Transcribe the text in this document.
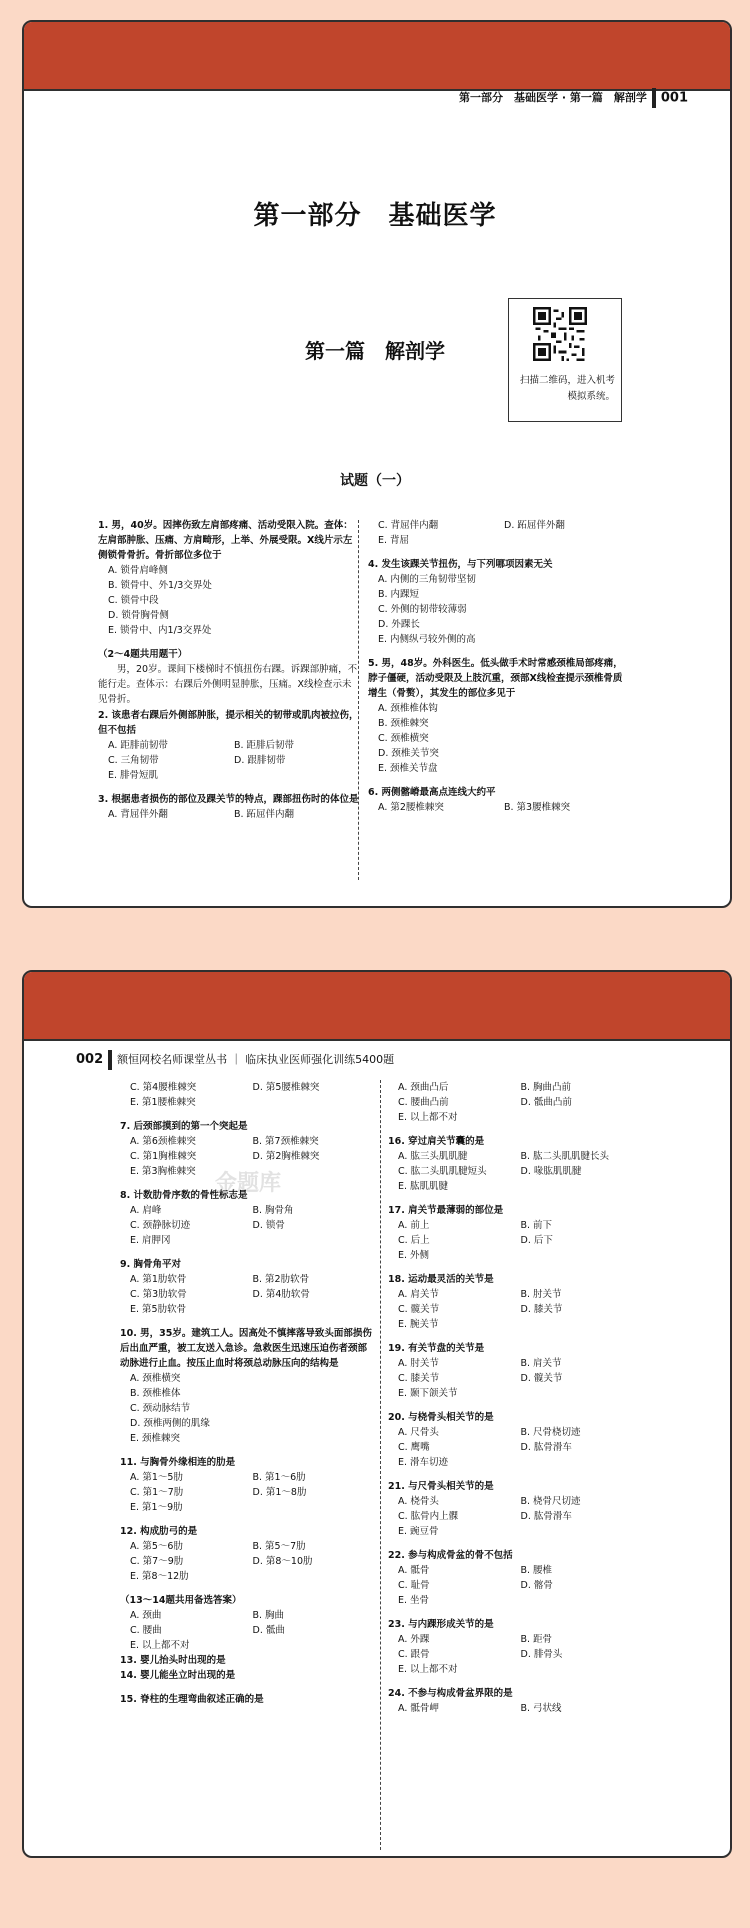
第一部分　基础医学 · 第一篇　解剖学 001
第一部分　基础医学
第一篇　解剖学
扫描二维码，进入机考模拟系统。
试题（一）
1. 男，40岁。因摔伤致左肩部疼痛、活动受限入院。查体：左肩部肿胀、压痛、方肩畸形，上举、外展受限。X线片示左侧锁骨骨折。骨折部位多位于
A. 锁骨肩峰侧
B. 锁骨中、外1/3交界处
C. 锁骨中段
D. 锁骨胸骨侧
E. 锁骨中、内1/3交界处
（2～4题共用题干）
男，20岁。课间下楼梯时不慎扭伤右踝。诉踝部肿痛，不能行走。查体示：右踝后外侧明显肿胀，压痛。X线检查示未见骨折。
2. 该患者右踝后外侧部肿胀，提示相关的韧带或肌肉被拉伤，但不包括
A. 距腓前韧带	B. 距腓后韧带
C. 三角韧带	D. 跟腓韧带
E. 腓骨短肌
3. 根据患者损伤的部位及踝关节的特点，踝部扭伤时的体位是
A. 背屈伴外翻	B. 跖屈伴内翻
C. 背屈伴内翻	D. 跖屈伴外翻
E. 背屈
4. 发生该踝关节扭伤，与下列哪项因素无关
A. 内侧的三角韧带坚韧
B. 内踝短
C. 外侧的韧带较薄弱
D. 外踝长
E. 内侧纵弓较外侧的高
5. 男，48岁。外科医生。低头做手术时常感颈椎局部疼痛，脖子僵硬，活动受限及上肢沉重，颈部X线检查提示颈椎骨质增生（骨赘），其发生的部位多见于
A. 颈椎椎体钩
B. 颈椎棘突
C. 颈椎横突
D. 颈椎关节突
E. 颈椎关节盘
6. 两侧髂嵴最高点连线大约平
A. 第2腰椎棘突	B. 第3腰椎棘突
002 额恒网校名师课堂丛书 ｜ 临床执业医师强化训练5400题
金题库
C. 第4腰椎棘突	D. 第5腰椎棘突
E. 第1腰椎棘突
7. 后颈部摸到的第一个突起是
A. 第6颈椎棘突	B. 第7颈椎棘突
C. 第1胸椎棘突	D. 第2胸椎棘突
E. 第3胸椎棘突
8. 计数肋骨序数的骨性标志是
A. 肩峰	B. 胸骨角
C. 颈静脉切迹	D. 锁骨
E. 肩胛冈
9. 胸骨角平对
A. 第1肋软骨	B. 第2肋软骨
C. 第3肋软骨	D. 第4肋软骨
E. 第5肋软骨
10. 男，35岁。建筑工人。因高处不慎摔落导致头面部损伤后出血严重，被工友送入急诊。急救医生迅速压迫伤者颈部动脉进行止血。按压止血时将颈总动脉压向的结构是
A. 颈椎横突
B. 颈椎椎体
C. 颈动脉结节
D. 颈椎两侧的肌缘
E. 颈椎棘突
11. 与胸骨外缘相连的肋是
A. 第1～5肋	B. 第1～6肋
C. 第1～7肋	D. 第1～8肋
E. 第1～9肋
12. 构成肋弓的是
A. 第5～6肋	B. 第5～7肋
C. 第7～9肋	D. 第8～10肋
E. 第8～12肋
（13～14题共用备选答案）
A. 颈曲	B. 胸曲
C. 腰曲	D. 骶曲
E. 以上都不对
13. 婴儿抬头时出现的是
14. 婴儿能坐立时出现的是
15. 脊柱的生理弯曲叙述正确的是
A. 颈曲凸后	B. 胸曲凸前
C. 腰曲凸前	D. 骶曲凸前
E. 以上都不对
16. 穿过肩关节囊的是
A. 肱三头肌肌腱	B. 肱二头肌肌腱长头
C. 肱二头肌肌腱短头	D. 喙肱肌肌腱
E. 肱肌肌腱
17. 肩关节最薄弱的部位是
A. 前上	B. 前下
C. 后上	D. 后下
E. 外侧
18. 运动最灵活的关节是
A. 肩关节	B. 肘关节
C. 髋关节	D. 膝关节
E. 腕关节
19. 有关节盘的关节是
A. 肘关节	B. 肩关节
C. 膝关节	D. 髋关节
E. 颞下颌关节
20. 与桡骨头相关节的是
A. 尺骨头	B. 尺骨桡切迹
C. 鹰嘴	D. 肱骨滑车
E. 滑车切迹
21. 与尺骨头相关节的是
A. 桡骨头	B. 桡骨尺切迹
C. 肱骨内上髁	D. 肱骨滑车
E. 豌豆骨
22. 参与构成骨盆的骨不包括
A. 骶骨	B. 腰椎
C. 耻骨	D. 髂骨
E. 坐骨
23. 与内踝形成关节的是
A. 外踝	B. 距骨
C. 跟骨	D. 腓骨头
E. 以上都不对
24. 不参与构成骨盆界限的是
A. 骶骨岬	B. 弓状线
